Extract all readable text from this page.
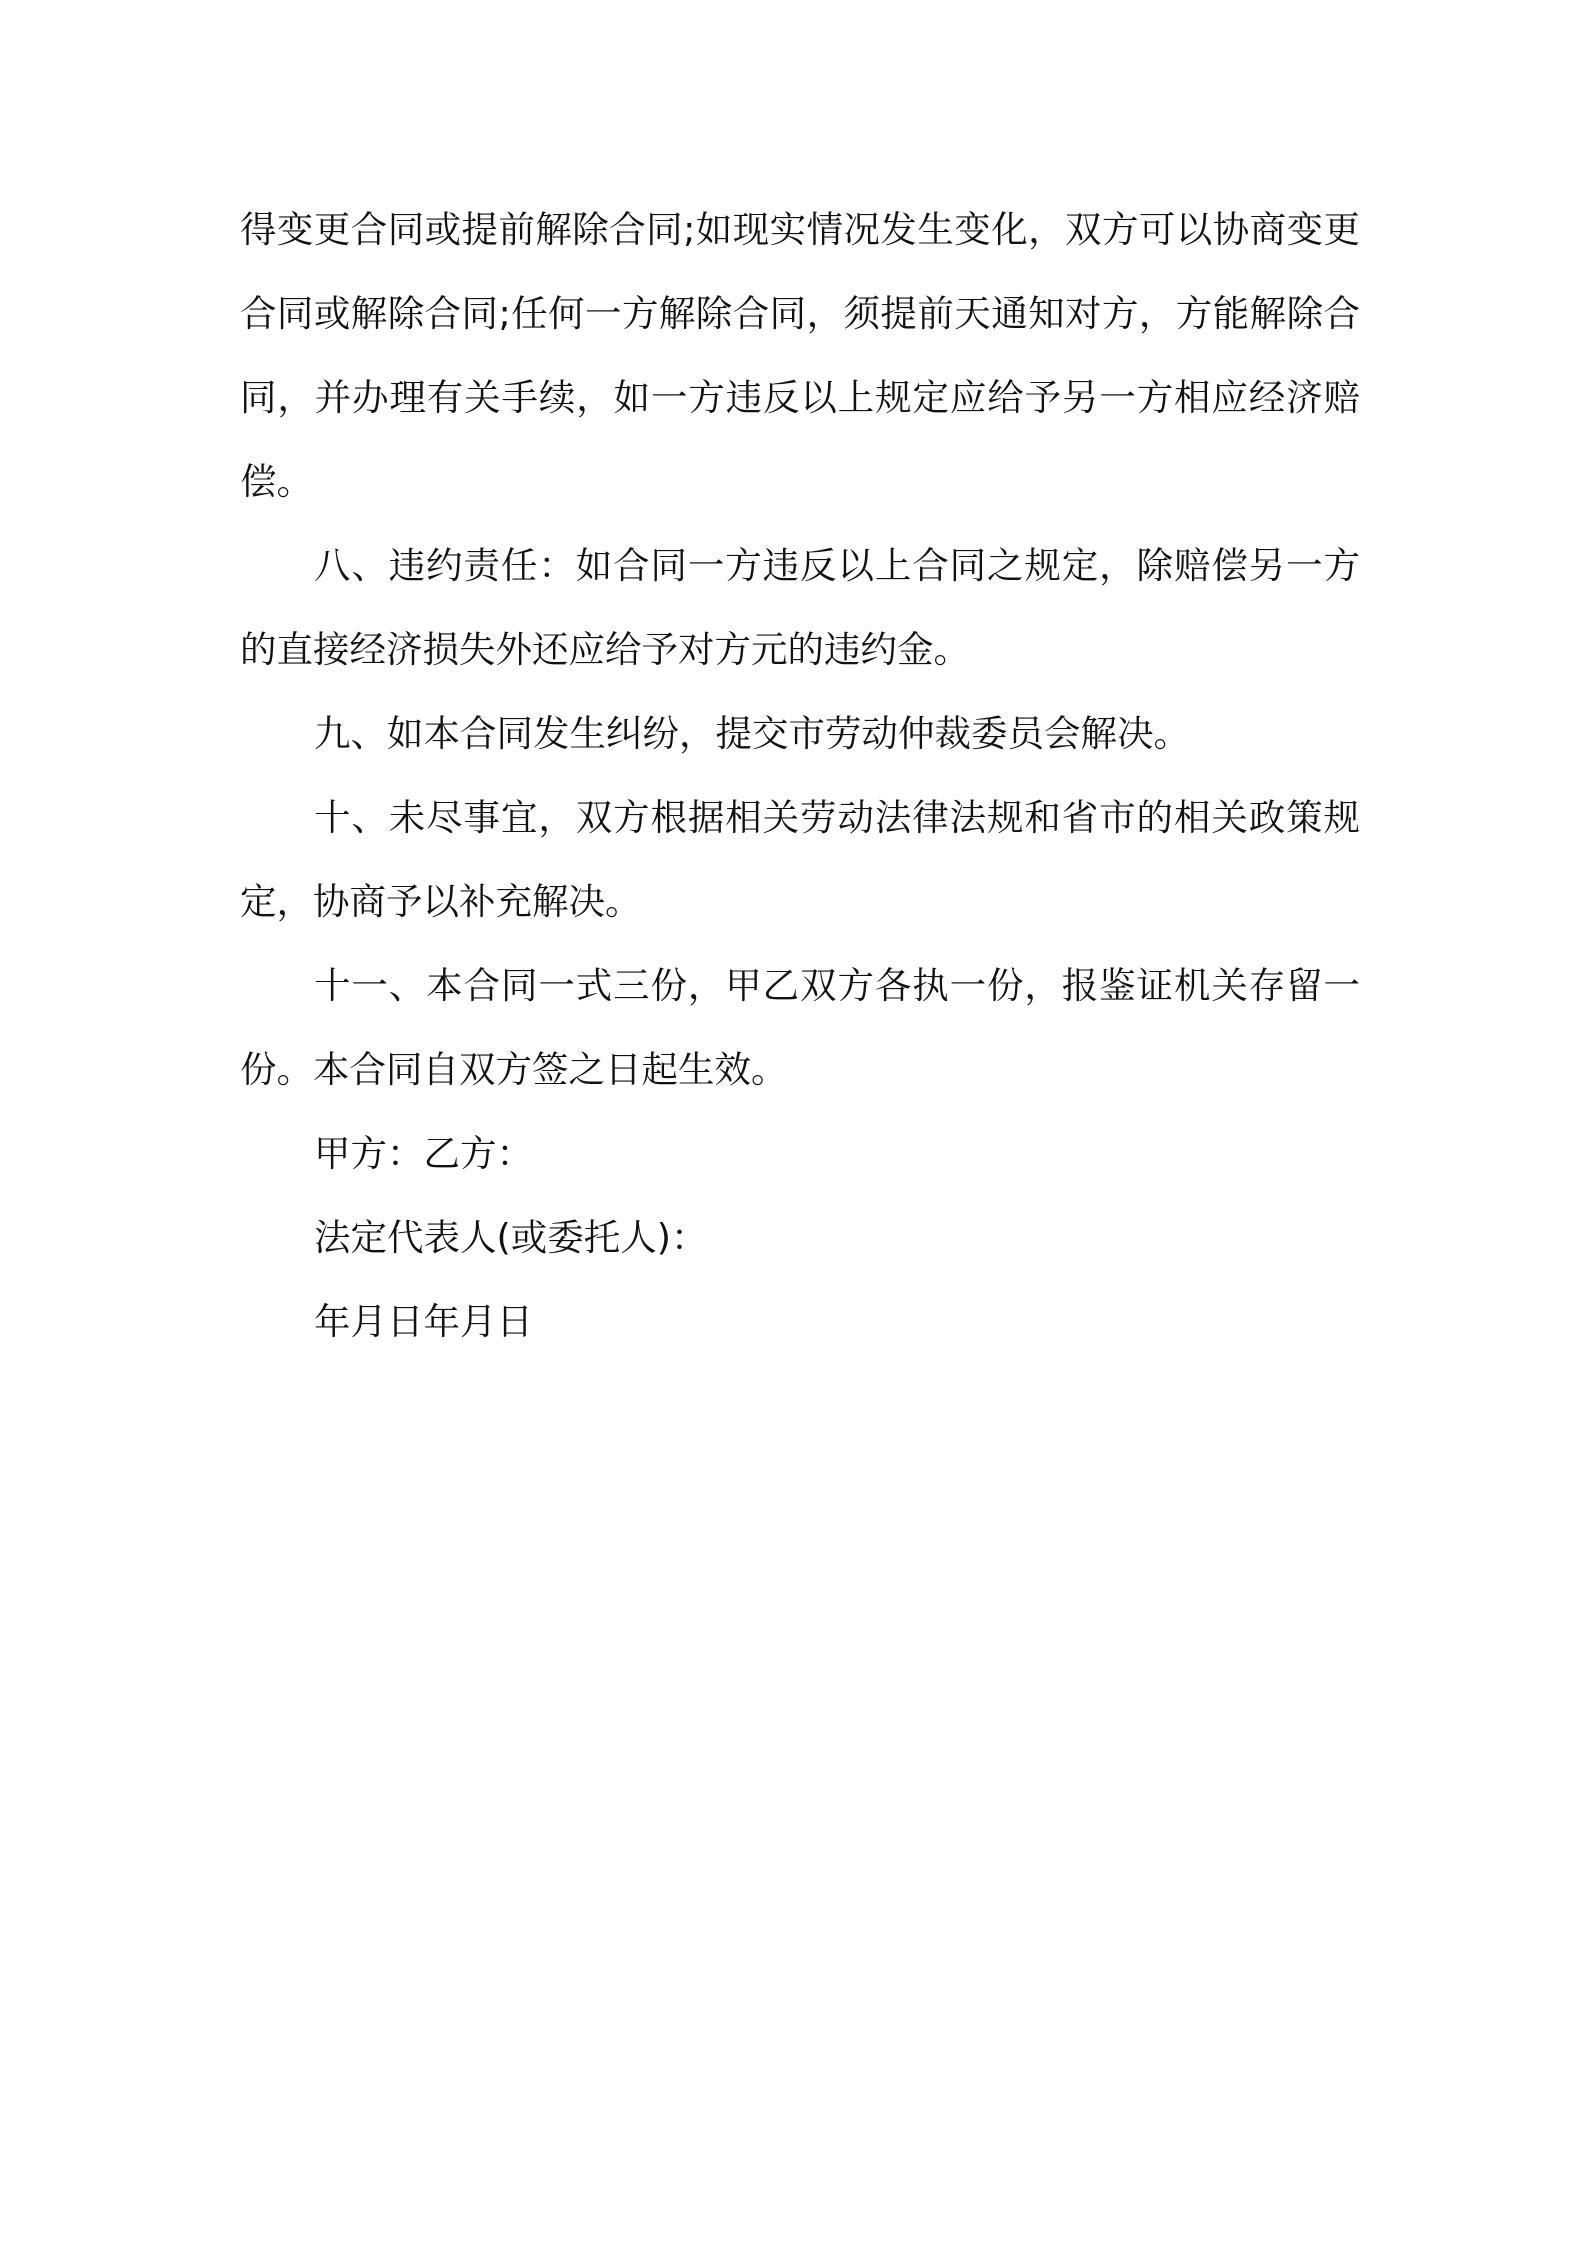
得变更合同或提前解除合同;如现实情况发生变化，双方可以协商变更合同或解除合同;任何一方解除合同，须提前天通知对方，方能解除合同，并办理有关手续，如一方违反以上规定应给予另一方相应经济赔偿。

八、违约责任：如合同一方违反以上合同之规定，除赔偿另一方的直接经济损失外还应给予对方元的违约金。

九、如本合同发生纠纷，提交市劳动仲裁委员会解决。

十、未尽事宜，双方根据相关劳动法律法规和省市的相关政策规定，协商予以补充解决。

十一、本合同一式三份，甲乙双方各执一份，报鉴证机关存留一份。本合同自双方签之日起生效。

甲方：乙方：

法定代表人(或委托人)：

年月日年月日
